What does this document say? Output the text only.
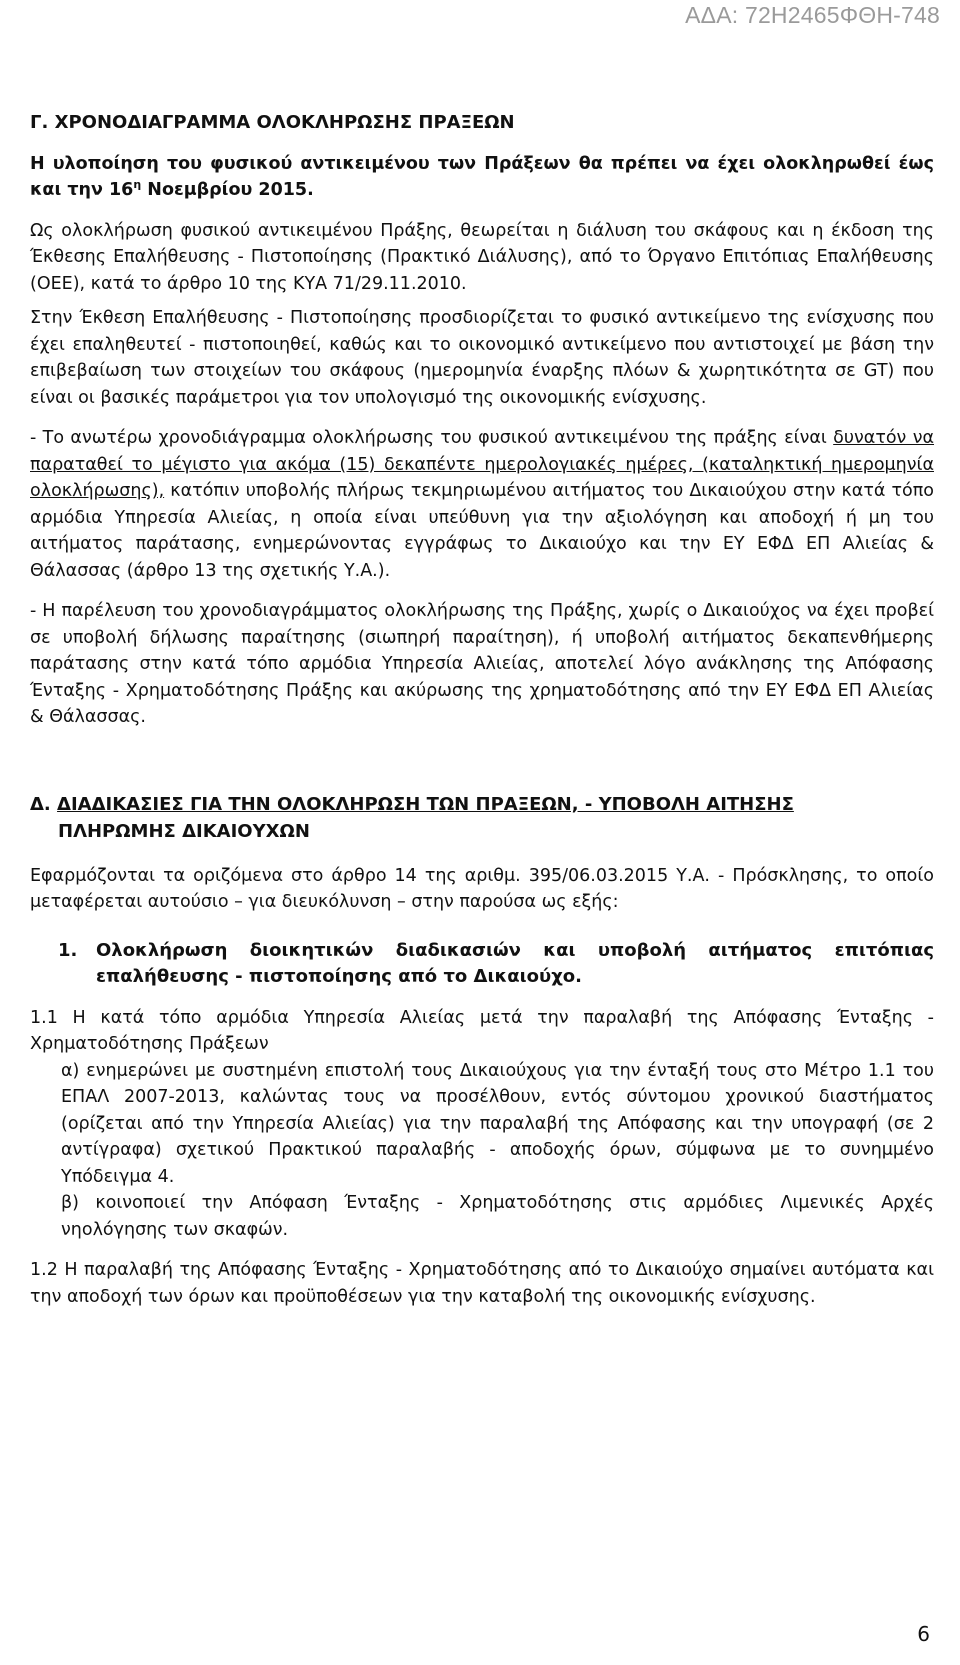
ΑΔΑ: 72Η2465ΦΘΗ-748

Γ. ΧΡΟΝΟΔΙΑΓΡΑΜΜΑ ΟΛΟΚΛΗΡΩΣΗΣ ΠΡΑΞΕΩΝ

Η υλοποίηση του φυσικού αντικειμένου των Πράξεων θα πρέπει να έχει ολοκληρωθεί έως και την $16^\eta$ Νοεμβρίου 2015.

Ως ολοκλήρωση φυσικού αντικειμένου Πράξης, θεωρείται η διάλυση του σκάφους και η έκδοση της Έκθεσης Επαλήθευσης - Πιστοποίησης (Πρακτικό Διάλυσης), από το Όργανο Επιτόπιας Επαλήθευσης (ΟΕΕ), κατά το άρθρο 10 της ΚΥΑ 71/29.11.2010.

Στην Έκθεση Επαλήθευσης - Πιστοποίησης προσδιορίζεται το φυσικό αντικείμενο της ενίσχυσης που έχει επαληθευτεί - πιστοποιηθεί, καθώς και το οικονομικό αντικείμενο που αντιστοιχεί με βάση την επιβεβαίωση των στοιχείων του σκάφους (ημερομηνία έναρξης πλόων & χωρητικότητα σε GT) που είναι οι βασικές παράμετροι για τον υπολογισμό της οικονομικής ενίσχυσης.

- Το ανωτέρω χρονοδιάγραμμα ολοκλήρωσης του φυσικού αντικειμένου της πράξης είναι δυνατόν να παραταθεί το μέγιστο για ακόμα (15) δεκαπέντε ημερολογιακές ημέρες, (καταληκτική ημερομηνία ολοκλήρωσης), κατόπιν υποβολής πλήρως τεκμηριωμένου αιτήματος του Δικαιούχου στην κατά τόπο αρμόδια Υπηρεσία Αλιείας, η οποία είναι υπεύθυνη για την αξιολόγηση και αποδοχή ή μη του αιτήματος παράτασης, ενημερώνοντας εγγράφως το Δικαιούχο και την ΕΥ ΕΦΔ ΕΠ Αλιείας & Θάλασσας (άρθρο 13 της σχετικής Υ.Α.).

- Η παρέλευση του χρονοδιαγράμματος ολοκλήρωσης της Πράξης, χωρίς ο Δικαιούχος να έχει προβεί σε υποβολή δήλωσης παραίτησης (σιωπηρή παραίτηση), ή υποβολή αιτήματος δεκαπενθήμερης παράτασης στην κατά τόπο αρμόδια Υπηρεσία Αλιείας, αποτελεί λόγο ανάκλησης της Απόφασης Ένταξης - Χρηματοδότησης Πράξης και ακύρωσης της χρηματοδότησης από την ΕΥ ΕΦΔ ΕΠ Αλιείας & Θάλασσας.

Δ. ΔΙΑΔΙΚΑΣΙΕΣ ΓΙΑ ΤΗΝ ΟΛΟΚΛΗΡΩΣΗ ΤΩΝ ΠΡΑΞΕΩΝ, - ΥΠΟΒΟΛΗ ΑΙΤΗΣΗΣ
ΠΛΗΡΩΜΗΣ ΔΙΚΑΙΟΥΧΩΝ

Εφαρμόζονται τα οριζόμενα στο άρθρο 14 της αριθμ. 395/06.03.2015 Υ.Α. - Πρόσκλησης, το οποίο μεταφέρεται αυτούσιο – για διευκόλυνση – στην παρούσα ως εξής:

1.	Ολοκλήρωση διοικητικών διαδικασιών και υποβολή αιτήματος επιτόπιας επαλήθευσης - πιστοποίησης από το Δικαιούχο.

1.1 Η κατά τόπο αρμόδια Υπηρεσία Αλιείας μετά την παραλαβή της Απόφασης Ένταξης - Χρηματοδότησης Πράξεων

α) ενημερώνει με συστημένη επιστολή τους Δικαιούχους για την ένταξή τους στο Μέτρο 1.1 του ΕΠΑΛ 2007-2013, καλώντας τους να προσέλθουν, εντός σύντομου χρονικού διαστήματος (ορίζεται από την Υπηρεσία Αλιείας) για την παραλαβή της Απόφασης και την υπογραφή (σε 2 αντίγραφα) σχετικού Πρακτικού παραλαβής - αποδοχής όρων, σύμφωνα με το συνημμένο Υπόδειγμα 4.

β) κοινοποιεί την Απόφαση Ένταξης - Χρηματοδότησης στις αρμόδιες Λιμενικές Αρχές νηολόγησης των σκαφών.

1.2 Η παραλαβή της Απόφασης Ένταξης - Χρηματοδότησης από το Δικαιούχο σημαίνει αυτόματα και την αποδοχή των όρων και προϋποθέσεων για την καταβολή της οικονομικής ενίσχυσης.

6
